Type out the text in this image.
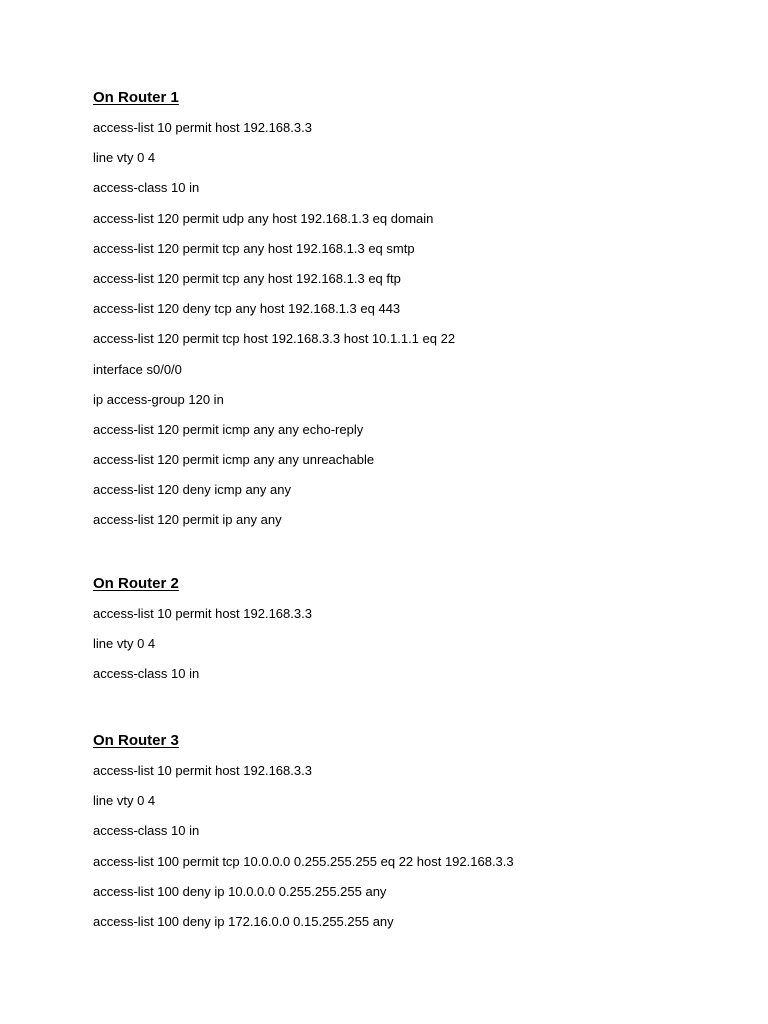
On Router 1
access-list 10 permit host 192.168.3.3
line vty 0 4
access-class 10 in
access-list 120 permit udp any host 192.168.1.3 eq domain
access-list 120 permit tcp any host 192.168.1.3 eq smtp
access-list 120 permit tcp any host 192.168.1.3 eq ftp
access-list 120 deny tcp any host 192.168.1.3 eq 443
access-list 120 permit tcp host 192.168.3.3 host 10.1.1.1 eq 22
interface s0/0/0
ip access-group 120 in
access-list 120 permit icmp any any echo-reply
access-list 120 permit icmp any any unreachable
access-list 120 deny icmp any any
access-list 120 permit ip any any
On Router 2
access-list 10 permit host 192.168.3.3
line vty 0 4
access-class 10 in
On Router 3
access-list 10 permit host 192.168.3.3
line vty 0 4
access-class 10 in
access-list 100 permit tcp 10.0.0.0 0.255.255.255 eq 22 host 192.168.3.3
access-list 100 deny ip 10.0.0.0 0.255.255.255 any
access-list 100 deny ip 172.16.0.0 0.15.255.255 any
